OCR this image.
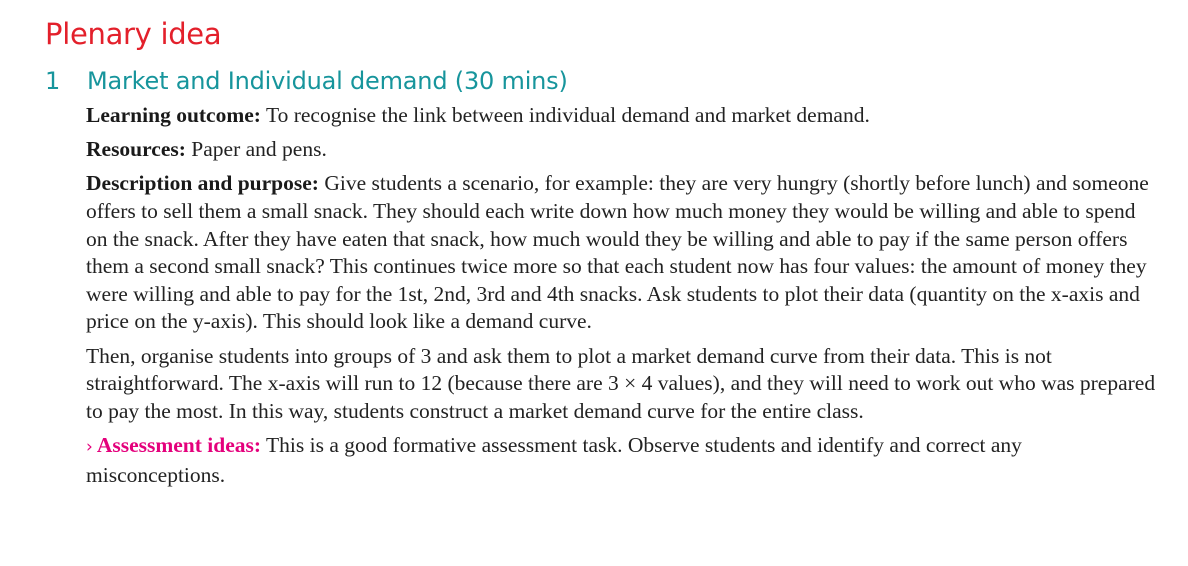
Plenary idea
1 Market and Individual demand (30 mins)

Learning outcome: To recognise the link between individual demand and market demand.

Resources: Paper and pens.

Description and purpose: Give students a scenario, for example: they are very hungry (shortly before lunch) and someone offers to sell them a small snack. They should each write down how much money they would be willing and able to spend on the snack. After they have eaten that snack, how much would they be willing and able to pay if the same person offers them a second small snack? This continues twice more so that each student now has four values: the amount of money they were willing and able to pay for the 1st, 2nd, 3rd and 4th snacks. Ask students to plot their data (quantity on the x-axis and price on the y-axis). This should look like a demand curve.

Then, organise students into groups of 3 and ask them to plot a market demand curve from their data. This is not straightforward. The x-axis will run to 12 (because there are 3 × 4 values), and they will need to work out who was prepared to pay the most. In this way, students construct a market demand curve for the entire class.

› Assessment ideas: This is a good formative assessment task. Observe students and identify and correct any misconceptions.
